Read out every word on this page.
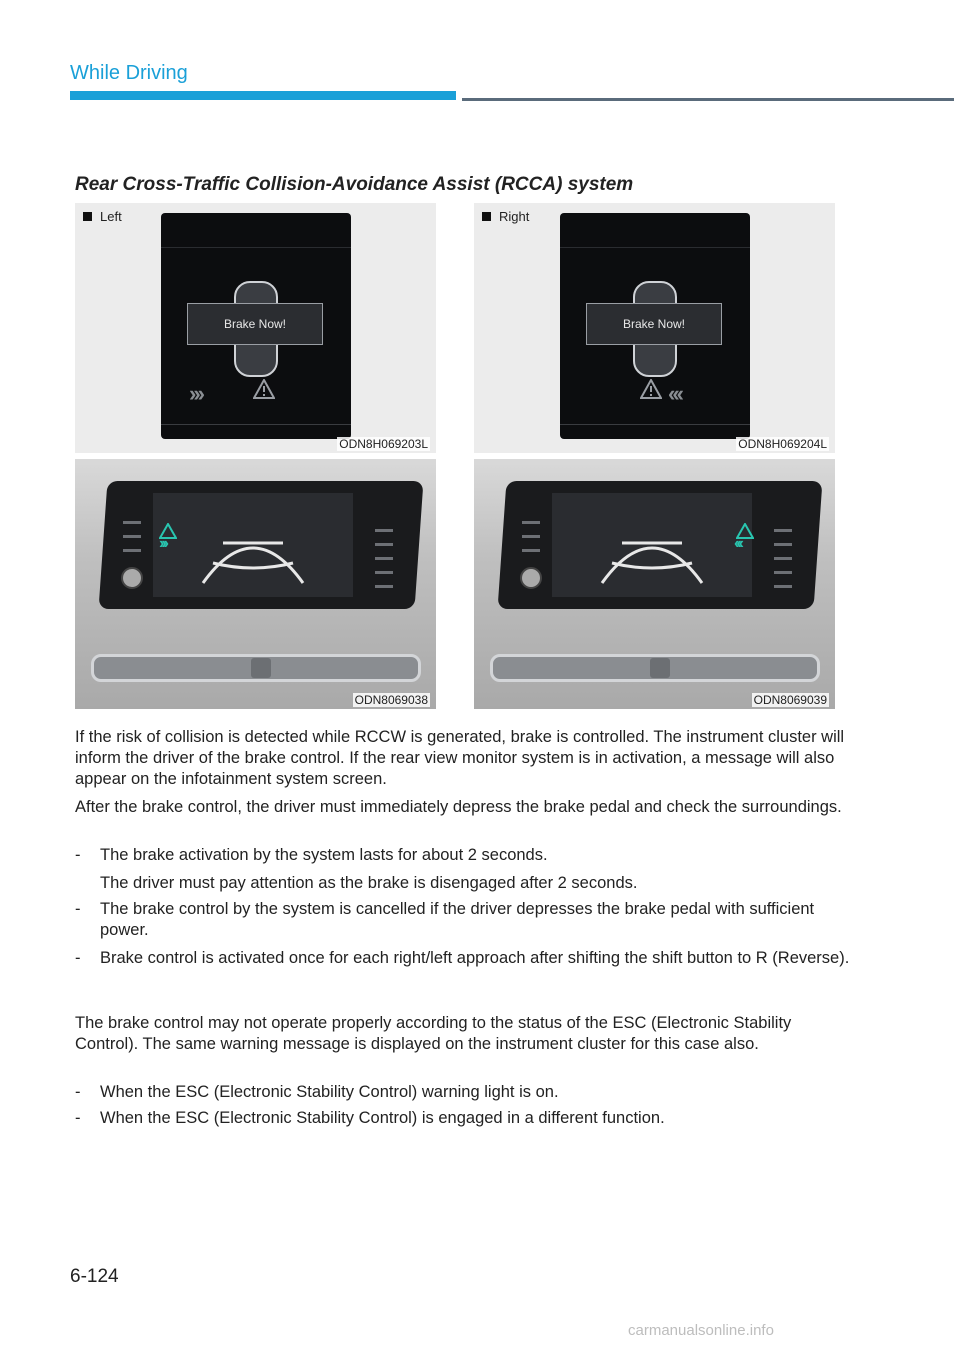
While Driving
Rear Cross-Traffic Collision-Avoidance Assist (RCCA) system
Left
Brake Now!
›››
ODN8H069203L
Right
Brake Now!
‹‹‹
ODN8H069204L
›››
ODN8069038
‹‹‹
ODN8069039

If the risk of collision is detected while RCCW is generated, brake is controlled. The instrument cluster will inform the driver of the brake control. If the rear view monitor system is in activation, a message will also appear on the infotainment system screen.

After the brake control, the driver must immediately depress the brake pedal and check the surroundings.

- The brake activation by the system lasts for about 2 seconds.
The driver must pay attention as the brake is disengaged after 2 seconds.
- The brake control by the system is cancelled if the driver depresses the brake pedal with sufficient power.
- Brake control is activated once for each right/left approach after shifting the shift button to R (Reverse).

The brake control may not operate properly according to the status of the ESC (Electronic Stability Control). The same warning message is displayed on the instrument cluster for this case also.

- When the ESC (Electronic Stability Control) warning light is on.
- When the ESC (Electronic Stability Control) is engaged in a different function.
6-124
carmanualsonline.info
